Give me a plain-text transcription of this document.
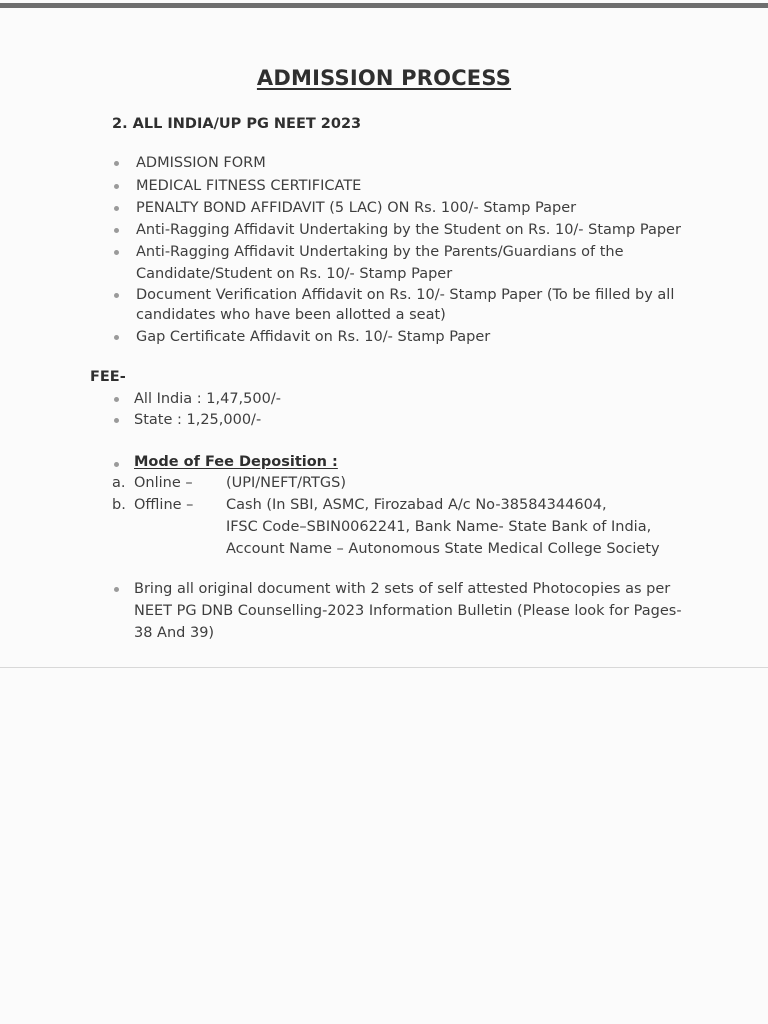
ADMISSION PROCESS
2. ALL INDIA/UP PG NEET 2023
ADMISSION FORM
MEDICAL FITNESS CERTIFICATE
PENALTY BOND AFFIDAVIT (5 LAC) ON Rs. 100/- Stamp Paper
Anti-Ragging Affidavit Undertaking by the Student on Rs. 10/- Stamp Paper
Anti-Ragging Affidavit Undertaking by the Parents/Guardians of the
Candidate/Student on Rs. 10/- Stamp Paper
Document Verification Affidavit on Rs. 10/- Stamp Paper (To be filled by all
candidates who have been allotted a seat)
Gap Certificate Affidavit on Rs. 10/- Stamp Paper
FEE-
All India : 1,47,500/-
State : 1,25,000/-
Mode of Fee Deposition :
a. Online – (UPI/NEFT/RTGS)
b. Offline – Cash (In SBI, ASMC, Firozabad A/c No-38584344604,
IFSC Code–SBIN0062241, Bank Name- State Bank of India,
Account Name – Autonomous State Medical College Society
Bring all original document with 2 sets of self attested Photocopies as per
NEET PG DNB Counselling-2023 Information Bulletin (Please look for Pages-
38 And 39)
